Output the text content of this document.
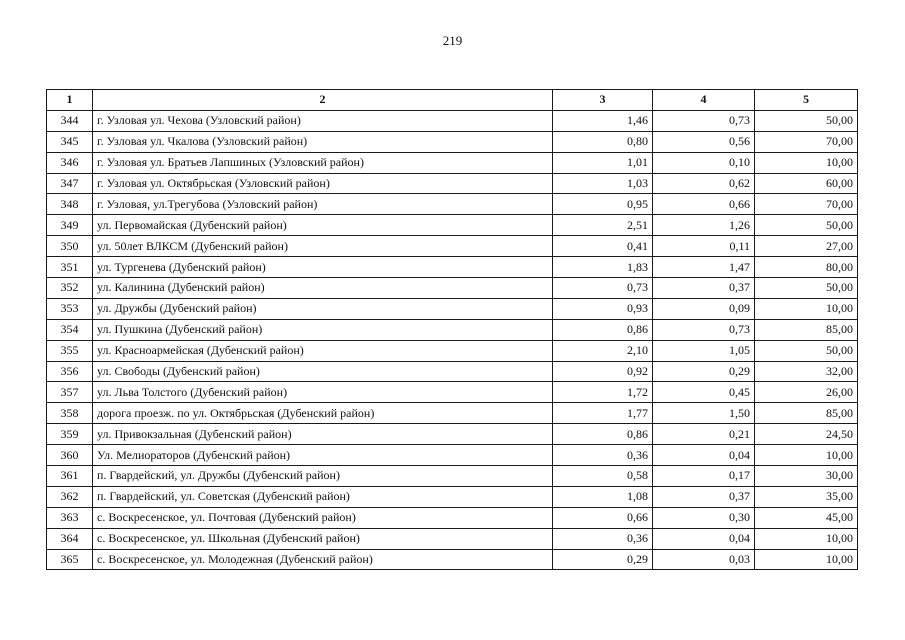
219
1	2	3	4	5
344	г. Узловая ул. Чехова (Узловский район)	1,46	0,73	50,00
345	г. Узловая ул. Чкалова (Узловский район)	0,80	0,56	70,00
346	г. Узловая ул. Братьев Лапшиных (Узловский район)	1,01	0,10	10,00
347	г. Узловая ул. Октябрьская (Узловский район)	1,03	0,62	60,00
348	г. Узловая, ул.Трегубова (Узловский район)	0,95	0,66	70,00
349	ул. Первомайская (Дубенский район)	2,51	1,26	50,00
350	ул. 50лет ВЛКСМ (Дубенский район)	0,41	0,11	27,00
351	ул. Тургенева (Дубенский район)	1,83	1,47	80,00
352	ул. Калинина (Дубенский район)	0,73	0,37	50,00
353	ул. Дружбы (Дубенский район)	0,93	0,09	10,00
354	ул. Пушкина (Дубенский район)	0,86	0,73	85,00
355	ул. Красноармейская (Дубенский район)	2,10	1,05	50,00
356	ул. Свободы (Дубенский район)	0,92	0,29	32,00
357	ул. Льва Толстого (Дубенский район)	1,72	0,45	26,00
358	дорога проезж. по ул. Октябрьская (Дубенский район)	1,77	1,50	85,00
359	ул. Привокзальная (Дубенский район)	0,86	0,21	24,50
360	Ул. Мелиораторов (Дубенский район)	0,36	0,04	10,00
361	п. Гвардейский, ул. Дружбы (Дубенский район)	0,58	0,17	30,00
362	п. Гвардейский, ул. Советская (Дубенский район)	1,08	0,37	35,00
363	с. Воскресенское, ул. Почтовая (Дубенский район)	0,66	0,30	45,00
364	с. Воскресенское, ул. Школьная (Дубенский район)	0,36	0,04	10,00
365	с. Воскресенское, ул. Молодежная (Дубенский район)	0,29	0,03	10,00
